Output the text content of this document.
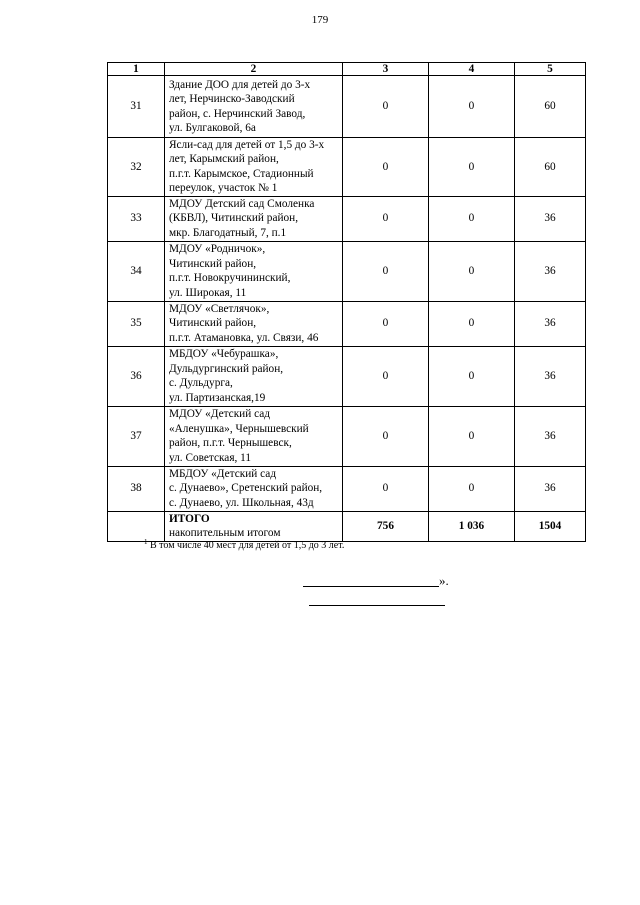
179
1	2	3	4	5
31	Здание ДОО для детей до 3-х
лет, Нерчинско-Заводский
район, с. Нерчинский Завод,
ул. Булгаковой, 6а	0	0	60
32	Ясли-сад для детей от 1,5 до 3-х
лет, Карымский район,
п.г.т. Карымское, Стадионный
переулок, участок № 1	0	0	60
33	МДОУ Детский сад Смоленка
(КБВЛ), Читинский район,
мкр. Благодатный, 7, п.1	0	0	36
34	МДОУ «Родничок»,
Читинский район,
п.г.т. Новокручининский,
ул. Широкая, 11	0	0	36
35	МДОУ «Светлячок»,
Читинский район,
п.г.т. Атамановка, ул. Связи, 46	0	0	36
36	МБДОУ «Чебурашка»,
Дульдургинский район,
с. Дульдурга,
ул. Партизанская,19	0	0	36
37	МДОУ «Детский сад
«Аленушка», Чернышевский
район, п.г.т. Чернышевск,
ул. Советская, 11	0	0	36
38	МБДОУ «Детский сад
с. Дунаево», Сретенский район,
с. Дунаево, ул. Школьная, 43д	0	0	36

	ИТОГО
накопительным итогом	756	1 036	1504
$^1$ В том числе 40 мест для детей от 1,5 до 3 лет.
».
